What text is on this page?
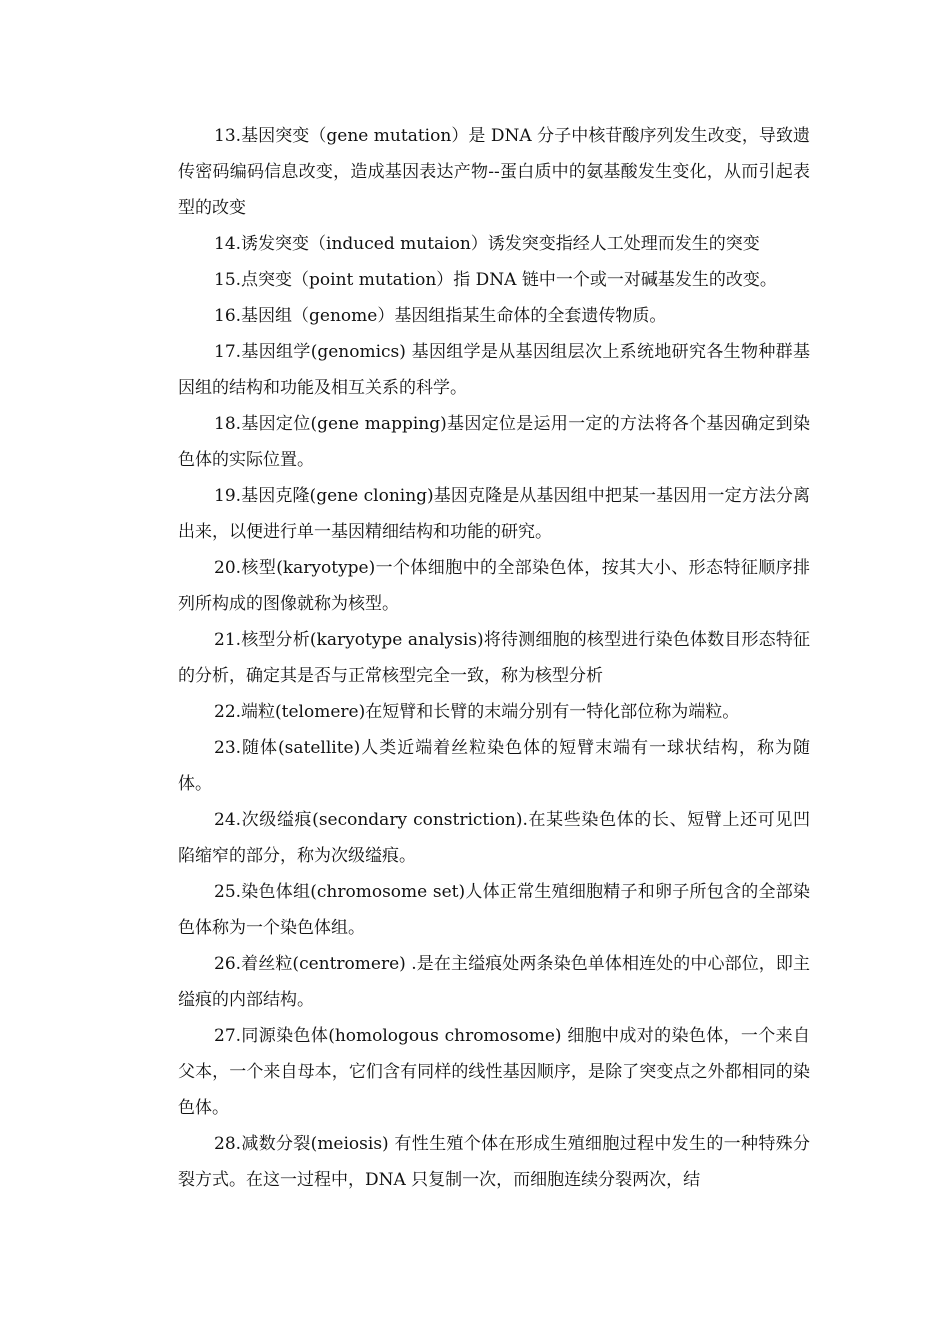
13.基因突变（gene mutation）是 DNA 分子中核苷酸序列发生改变，导致遗传密码编码信息改变，造成基因表达产物--蛋白质中的氨基酸发生变化，从而引起表型的改变

14.诱发突变（induced mutaion）诱发突变指经人工处理而发生的突变

15.点突变（point mutation）指 DNA 链中一个或一对碱基发生的改变。

16.基因组（genome）基因组指某生命体的全套遗传物质。

17.基因组学(genomics) 基因组学是从基因组层次上系统地研究各生物种群基因组的结构和功能及相互关系的科学。

18.基因定位(gene mapping)基因定位是运用一定的方法将各个基因确定到染色体的实际位置。

19.基因克隆(gene cloning)基因克隆是从基因组中把某一基因用一定方法分离出来，以便进行单一基因精细结构和功能的研究。

20.核型(karyotype)一个体细胞中的全部染色体，按其大小、形态特征顺序排列所构成的图像就称为核型。

21.核型分析(karyotype analysis)将待测细胞的核型进行染色体数目形态特征的分析，确定其是否与正常核型完全一致，称为核型分析

22.端粒(telomere)在短臂和长臂的末端分别有一特化部位称为端粒。

23.随体(satellite)人类近端着丝粒染色体的短臂末端有一球状结构，称为随体。

24.次级缢痕(secondary constriction).在某些染色体的长、短臂上还可见凹陷缩窄的部分，称为次级缢痕。

25.染色体组(chromosome set)人体正常生殖细胞精子和卵子所包含的全部染色体称为一个染色体组。

26.着丝粒(centromere) .是在主缢痕处两条染色单体相连处的中心部位，即主缢痕的内部结构。

27.同源染色体(homologous chromosome) 细胞中成对的染色体，一个来自父本，一个来自母本，它们含有同样的线性基因顺序，是除了突变点之外都相同的染色体。

28.减数分裂(meiosis) 有性生殖个体在形成生殖细胞过程中发生的一种特殊分裂方式。在这一过程中，DNA 只复制一次，而细胞连续分裂两次，结
